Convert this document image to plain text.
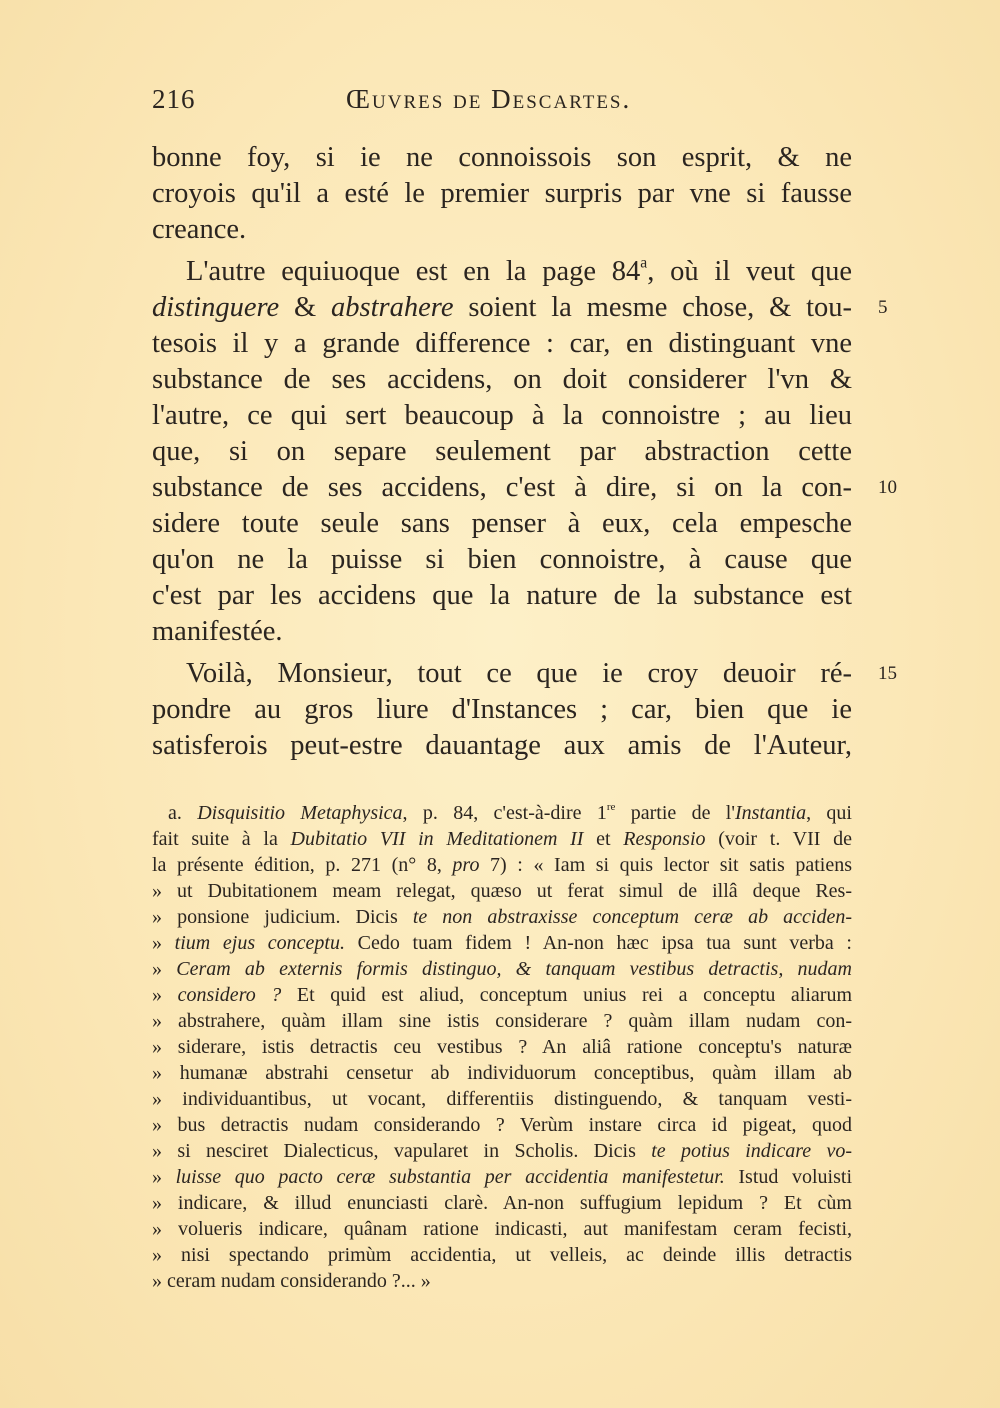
216	Œuvres de Descartes.
bonne foy, si ie ne connoissois son esprit, & ne
croyois qu'il a esté le premier surpris par vne si fausse
creance.
L'autre equiuoque est en la page 84$^a$, où il veut que
distinguere & abstrahere soient la mesme chose, & tou-
tesois il y a grande difference : car, en distinguant vne
substance de ses accidens, on doit considerer l'vn &
l'autre, ce qui sert beaucoup à la connoistre ; au lieu
que, si on separe seulement par abstraction cette
substance de ses accidens, c'est à dire, si on la con-
sidere toute seule sans penser à eux, cela empesche
qu'on ne la puisse si bien connoistre, à cause que
c'est par les accidens que la nature de la substance est
manifestée.
Voilà, Monsieur, tout ce que ie croy deuoir ré-
pondre au gros liure d'Instances ; car, bien que ie
satisferois peut-estre dauantage aux amis de l'Auteur,
5
10
15
a. Disquisitio Metaphysica, p. 84, c'est-à-dire 1re partie de l'Instantia, qui
fait suite à la Dubitatio VII in Meditationem II et Responsio (voir t. VII de
la présente édition, p. 271 (n° 8, pro 7) : « Iam si quis lector sit satis patiens
» ut Dubitationem meam relegat, quæso ut ferat simul de illâ deque Res-
» ponsione judicium. Dicis te non abstraxisse conceptum ceræ ab acciden-
» tium ejus conceptu. Cedo tuam fidem ! An-non hæc ipsa tua sunt verba :
» Ceram ab externis formis distinguo, & tanquam vestibus detractis, nudam
» considero ? Et quid est aliud, conceptum unius rei a conceptu aliarum
» abstrahere, quàm illam sine istis considerare ? quàm illam nudam con-
» siderare, istis detractis ceu vestibus ? An aliâ ratione conceptu's naturæ
» humanæ abstrahi censetur ab individuorum conceptibus, quàm illam ab
» individuantibus, ut vocant, differentiis distinguendo, & tanquam vesti-
» bus detractis nudam considerando ? Verùm instare circa id pigeat, quod
» si nesciret Dialecticus, vapularet in Scholis. Dicis te potius indicare vo-
» luisse quo pacto ceræ substantia per accidentia manifestetur. Istud voluisti
» indicare, & illud enunciasti clarè. An-non suffugium lepidum ? Et cùm
» volueris indicare, quânam ratione indicasti, aut manifestam ceram fecisti,
» nisi spectando primùm accidentia, ut velleis, ac deinde illis detractis
» ceram nudam considerando ?... »
